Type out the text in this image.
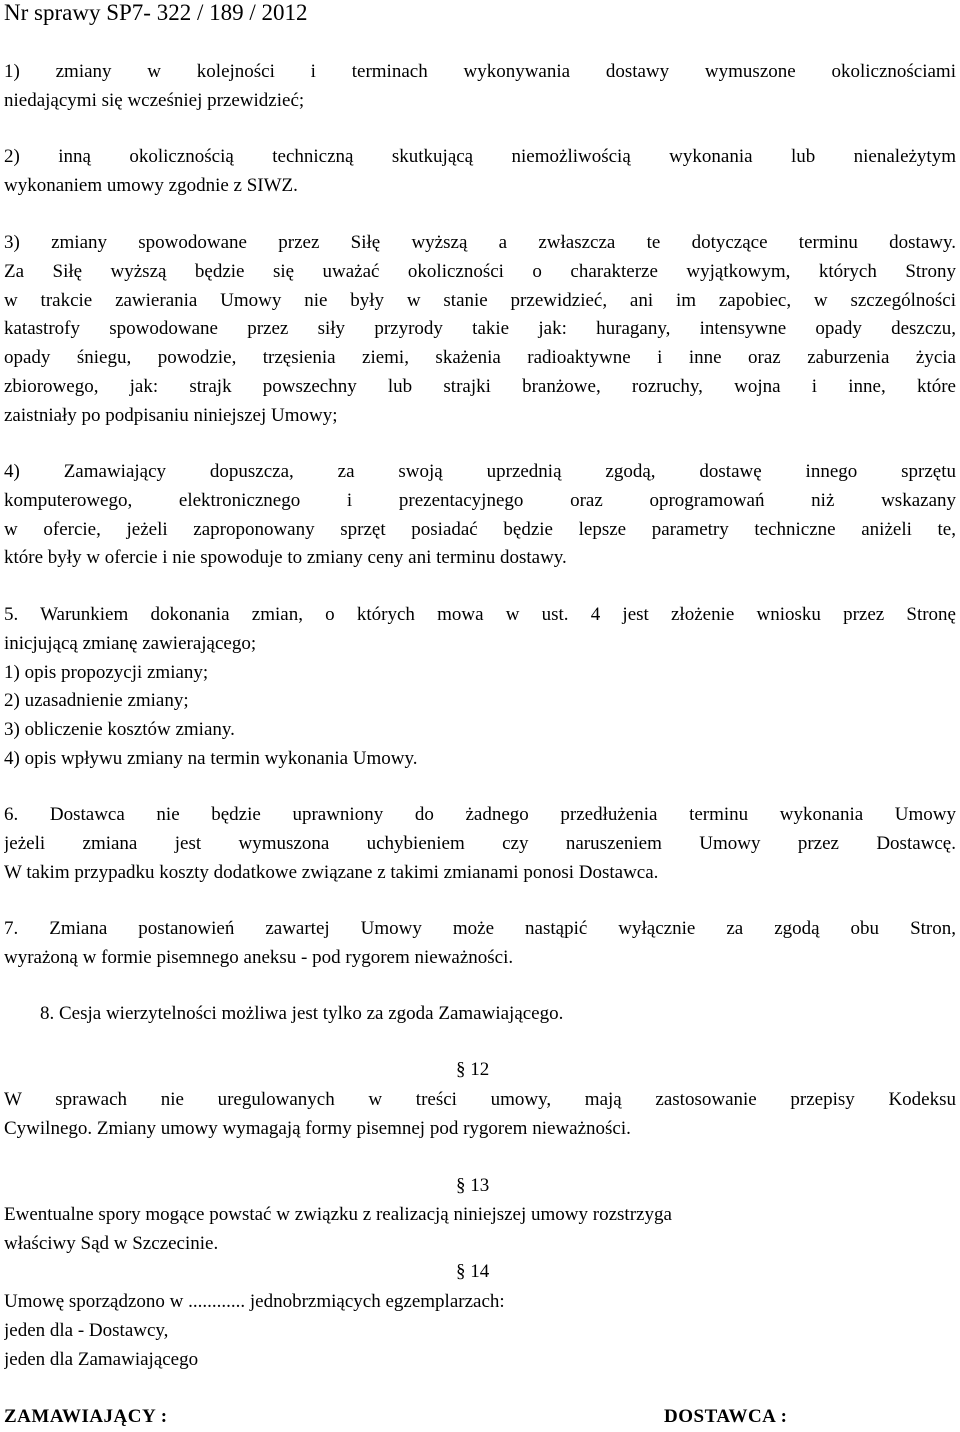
Nr sprawy SP7- 322 / 189 / 2012
1) zmiany w kolejności i terminach wykonywania dostawy wymuszone okolicznościami
niedającymi się wcześniej przewidzieć;
2) inną okolicznością techniczną skutkującą niemożliwością wykonania lub nienależytym
wykonaniem umowy zgodnie z SIWZ.
3) zmiany spowodowane przez Siłę wyższą a zwłaszcza te dotyczące terminu dostawy.
Za Siłę wyższą będzie się uważać okoliczności o charakterze wyjątkowym, których Strony
w trakcie zawierania Umowy nie były w stanie przewidzieć, ani im zapobiec, w szczególności
katastrofy spowodowane przez siły przyrody takie jak: huragany, intensywne opady deszczu,
opady śniegu, powodzie, trzęsienia ziemi, skażenia radioaktywne i inne oraz zaburzenia życia
zbiorowego, jak: strajk powszechny lub strajki branżowe, rozruchy, wojna i inne, które
zaistniały po podpisaniu niniejszej Umowy;
4) Zamawiający dopuszcza, za swoją uprzednią zgodą, dostawę innego sprzętu
komputerowego, elektronicznego i prezentacyjnego oraz oprogramowań niż wskazany
w ofercie, jeżeli zaproponowany sprzęt posiadać będzie lepsze parametry techniczne aniżeli te,
które były w ofercie i nie spowoduje to zmiany ceny ani terminu dostawy.
5. Warunkiem dokonania zmian, o których mowa w ust. 4 jest złożenie wniosku przez Stronę
inicjującą zmianę zawierającego;
1) opis propozycji zmiany;
2) uzasadnienie zmiany;
3) obliczenie kosztów zmiany.
4) opis wpływu zmiany na termin wykonania Umowy.
6. Dostawca nie będzie uprawniony do żadnego przedłużenia terminu wykonania Umowy
jeżeli zmiana jest wymuszona uchybieniem czy naruszeniem Umowy przez Dostawcę.
W takim przypadku koszty dodatkowe związane z takimi zmianami ponosi Dostawca.
7. Zmiana postanowień zawartej Umowy może nastąpić wyłącznie za zgodą obu Stron,
wyrażoną w formie pisemnego aneksu - pod rygorem nieważności.
8. Cesja wierzytelności możliwa jest tylko za zgoda Zamawiającego.
§ 12
W sprawach nie uregulowanych w treści umowy, mają zastosowanie przepisy Kodeksu
Cywilnego. Zmiany umowy wymagają formy pisemnej pod rygorem nieważności.
§ 13
Ewentualne spory mogące powstać w związku z realizacją niniejszej umowy rozstrzyga
właściwy Sąd w Szczecinie.
§ 14
Umowę sporządzono w ............ jednobrzmiących egzemplarzach:
jeden dla - Dostawcy,
jeden dla Zamawiającego
ZAMAWIAJĄCY :	DOSTAWCA :
